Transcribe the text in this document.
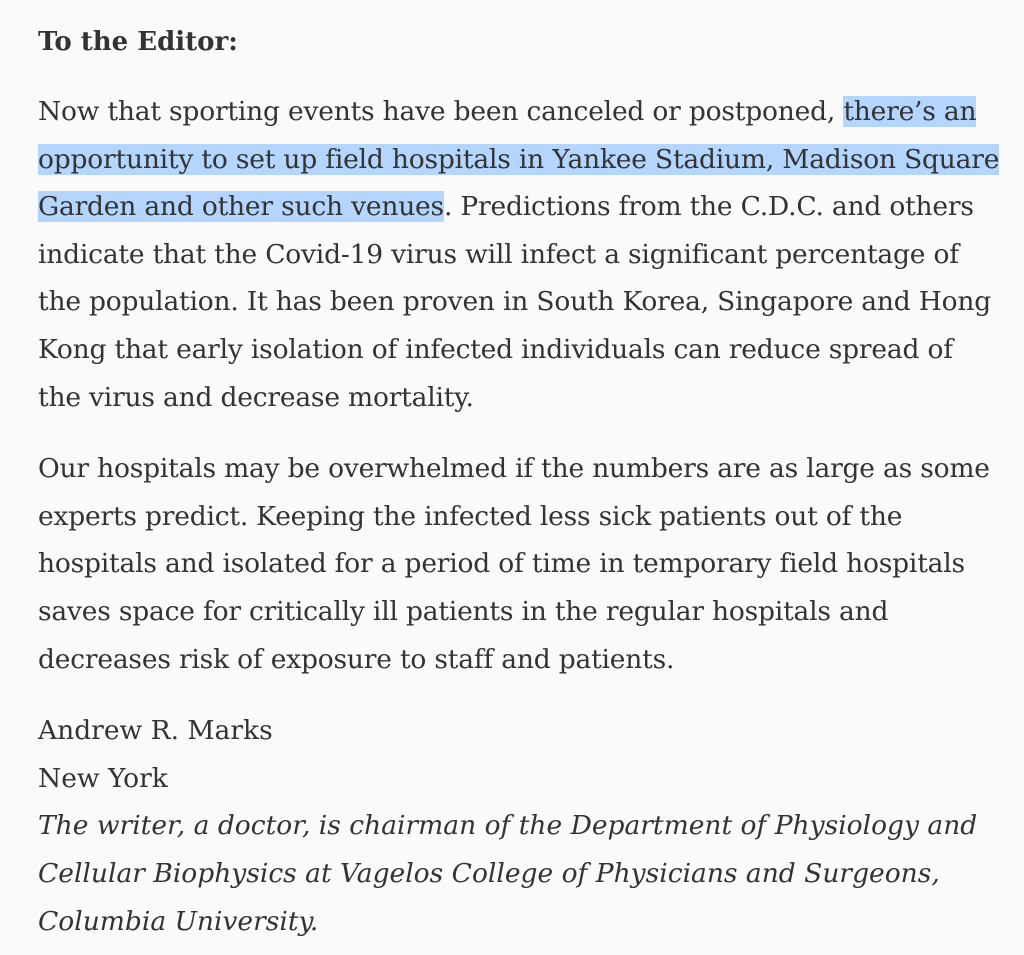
To the Editor:

Now that sporting events have been canceled or postponed, there’s an opportunity to set up field hospitals in Yankee Stadium, Madison Square Garden and other such venues. Predictions from the C.D.C. and others indicate that the Covid-19 virus will infect a significant percentage of the population. It has been proven in South Korea, Singapore and Hong Kong that early isolation of infected individuals can reduce spread of the virus and decrease mortality.

Our hospitals may be overwhelmed if the numbers are as large as some experts predict. Keeping the infected less sick patients out of the hospitals and isolated for a period of time in temporary field hospitals saves space for critically ill patients in the regular hospitals and decreases risk of exposure to staff and patients.

Andrew R. Marks
New York
The writer, a doctor, is chairman of the Department of Physiology and Cellular Biophysics at Vagelos College of Physicians and Surgeons, Columbia University.
